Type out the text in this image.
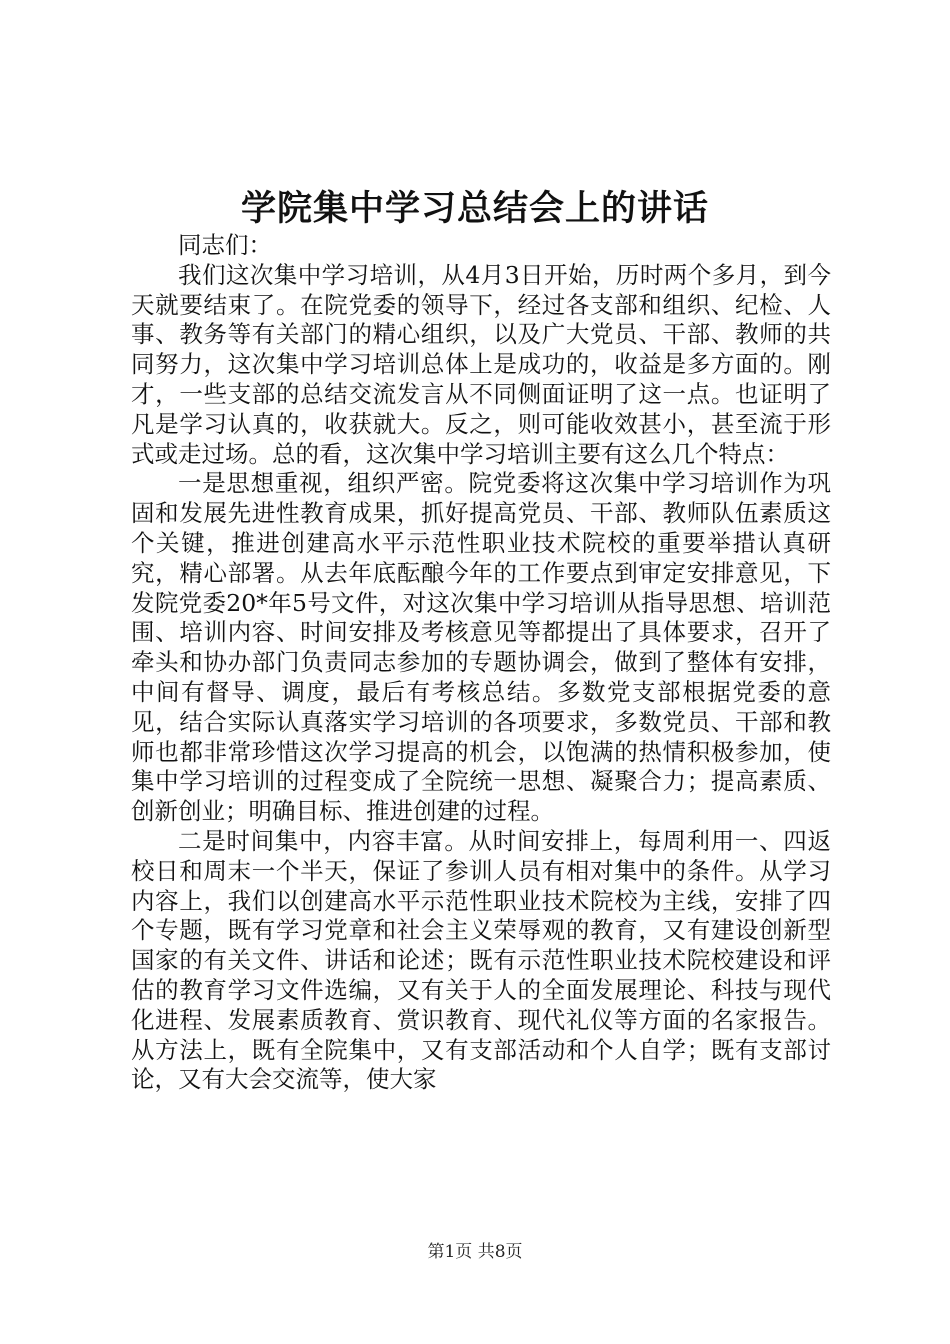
学院集中学习总结会上的讲话

同志们：

我们这次集中学习培训，从4月3日开始，历时两个多月，到今天就要结束了。在院党委的领导下，经过各支部和组织、纪检、人事、教务等有关部门的精心组织，以及广大党员、干部、教师的共同努力，这次集中学习培训总体上是成功的，收益是多方面的。刚才，一些支部的总结交流发言从不同侧面证明了这一点。也证明了凡是学习认真的，收获就大。反之，则可能收效甚小，甚至流于形式或走过场。总的看，这次集中学习培训主要有这么几个特点：

一是思想重视，组织严密。院党委将这次集中学习培训作为巩固和发展先进性教育成果，抓好提高党员、干部、教师队伍素质这个关键，推进创建高水平示范性职业技术院校的重要举措认真研究，精心部署。从去年底酝酿今年的工作要点到审定安排意见，下发院党委20*年5号文件，对这次集中学习培训从指导思想、培训范围、培训内容、时间安排及考核意见等都提出了具体要求，召开了牵头和协办部门负责同志参加的专题协调会，做到了整体有安排，中间有督导、调度，最后有考核总结。多数党支部根据党委的意见，结合实际认真落实学习培训的各项要求，多数党员、干部和教师也都非常珍惜这次学习提高的机会，以饱满的热情积极参加，使集中学习培训的过程变成了全院统一思想、凝聚合力；提高素质、创新创业；明确目标、推进创建的过程。

二是时间集中，内容丰富。从时间安排上，每周利用一、四返校日和周末一个半天，保证了参训人员有相对集中的条件。从学习内容上，我们以创建高水平示范性职业技术院校为主线，安排了四个专题，既有学习党章和社会主义荣辱观的教育，又有建设创新型国家的有关文件、讲话和论述；既有示范性职业技术院校建设和评估的教育学习文件选编，又有关于人的全面发展理论、科技与现代化进程、发展素质教育、赏识教育、现代礼仪等方面的名家报告。从方法上，既有全院集中，又有支部活动和个人自学；既有支部讨论，又有大会交流等，使大家

第1页 共8页
